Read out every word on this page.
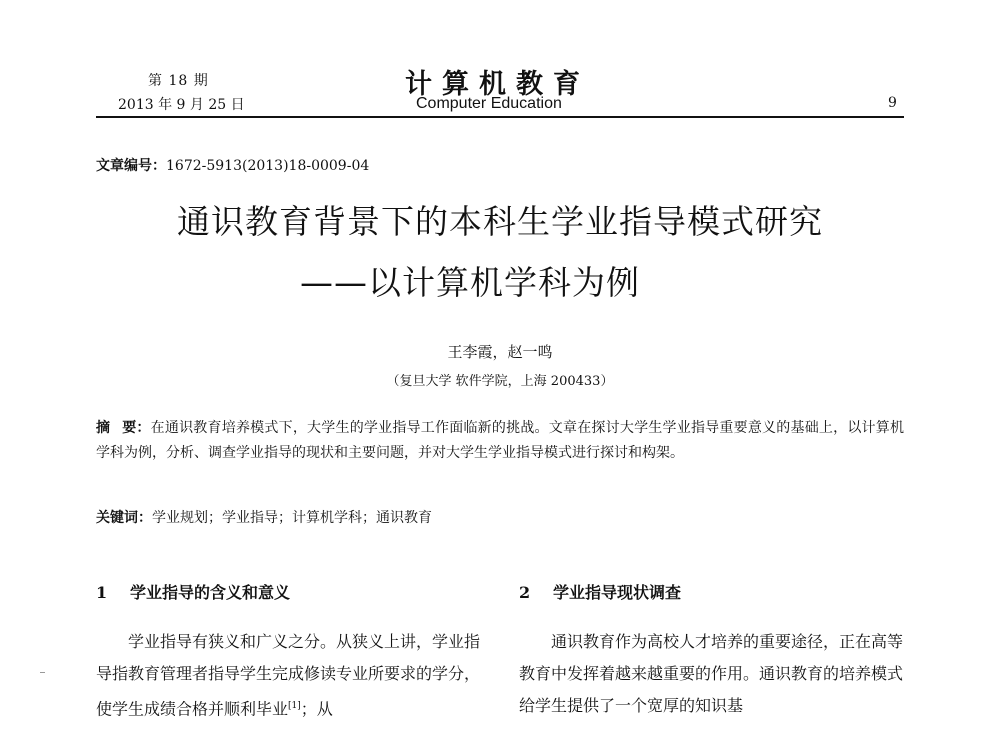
第 18 期
2013 年 9 月 25 日
计算机教育
Computer Education	9
文章编号：1672-5913(2013)18-0009-04
通识教育背景下的本科生学业指导模式研究
——以计算机学科为例
王李霞，赵一鸣
（复旦大学 软件学院，上海 200433）
摘要：在通识教育培养模式下，大学生的学业指导工作面临新的挑战。文章在探讨大学生学业指导重要意义的基础上，以计算机学科为例，分析、调查学业指导的现状和主要问题，并对大学生学业指导模式进行探讨和构架。
关键词：学业规划；学业指导；计算机学科；通识教育
1 学业指导的含义和意义	2 学业指导现状调查
学业指导有狭义和广义之分。从狭义上讲，学业指导指教育管理者指导学生完成修读专业所要求的学分，使学生成绩合格并顺利毕业[1]；从
通识教育作为高校人才培养的重要途径，正在高等教育中发挥着越来越重要的作用。通识教育的培养模式给学生提供了一个宽厚的知识基
